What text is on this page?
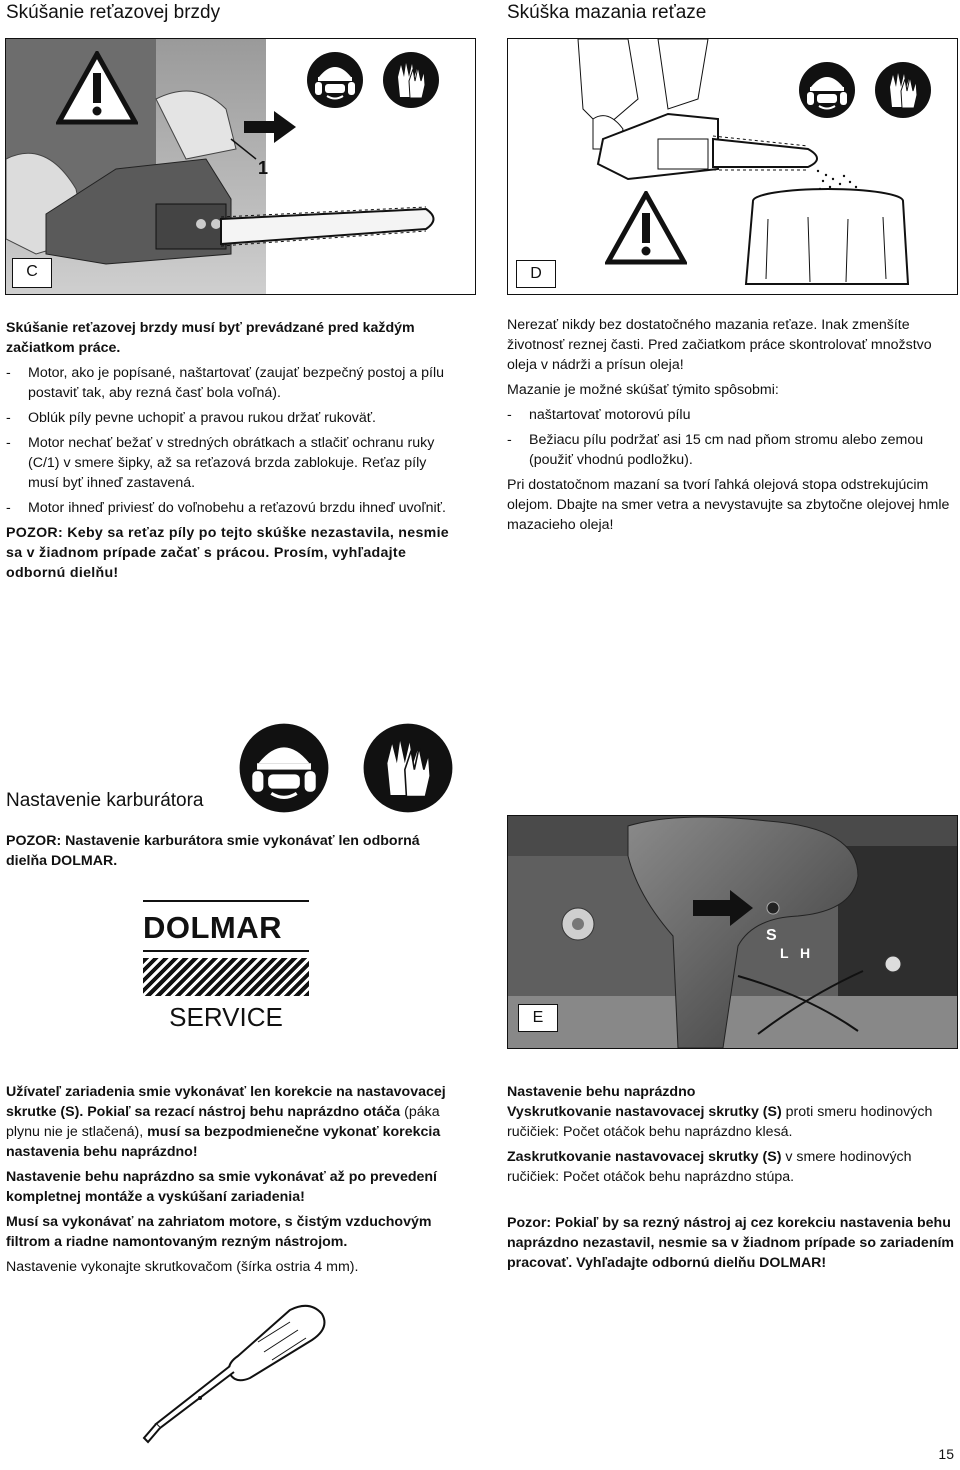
Skúšanie reťazovej brzdy
1
C

Skúšanie reťazovej brzdy musí byť prevádzané pred každým začiatkom práce.

-	Motor, ako je popísané, naštartovať (zaujať bezpečný postoj a pílu postaviť tak, aby rezná časť bola voľná).
-	Oblúk píly pevne uchopiť a pravou rukou držať rukoväť.
-	Motor nechať bežať v stredných obrátkach a stlačiť ochranu ruky (C/1) v smere šipky, až sa reťazová brzda zablokuje. Reťaz píly musí byť ihneď zastavená.
-	Motor ihneď priviesť do voľnobehu a reťazovú brzdu ihneď uvoľniť.

POZOR: Keby sa reťaz píly po tejto skúške nezastavila, nesmie sa v žiadnom prípade začať s prácou. Prosím, vyhľadajte odbornú dielňu!

Skúška mazania reťaze
D

Nerezať nikdy bez dostatočného mazania reťaze. Inak zmenšíte životnosť reznej časti. Pred začiatkom práce skontrolovať množstvo oleja v nádrži a prísun oleja!

Mazanie je možné skúšať týmito spôsobmi:

-	naštartovať motorovú pílu
-	Bežiacu pílu podržať asi 15 cm nad pňom stromu alebo zemou (použiť vhodnú podložku).

Pri dostatočnom mazaní sa tvorí ľahká olejová stopa odstrekujúcim olejom. Dbajte na smer vetra a nevystavujte sa zbytočne olejovej hmle mazacieho oleja!

Nastavenie karburátora

POZOR: Nastavenie karburátora smie vykonávať len odborná dielňa DOLMAR.

DOLMAR
SERVICE
S
L H
E

Užívateľ zariadenia smie vykonávať len korekcie na nastavovacej skrutke (S). Pokiaľ sa rezací nástroj behu naprázdno otáča (páka plynu nie je stlačená), musí sa bezpodmienečne vykonať korekcia nastavenia behu naprázdno!

Nastavenie behu naprázdno sa smie vykonávať až po prevedení kompletnej montáže a vyskúšaní zariadenia!

Musí sa vykonávať na zahriatom motore, s čistým vzduchovým filtrom a riadne namontovaným rezným nástrojom.

Nastavenie vykonajte skrutkovačom (šírka ostria 4 mm).

Nastavenie behu naprázdno

Vyskrutkovanie nastavovacej skrutky (S) proti smeru hodinových ručičiek: Počet otáčok behu naprázdno klesá.

Zaskrutkovanie nastavovacej skrutky (S) v smere hodinových ručičiek: Počet otáčok behu naprázdno stúpa.

Pozor: Pokiaľ by sa rezný nástroj aj cez korekciu nastavenia behu naprázdno nezastavil, nesmie sa v žiadnom prípade so zariadením pracovať. Vyhľadajte odbornú dielňu DOLMAR!

15
